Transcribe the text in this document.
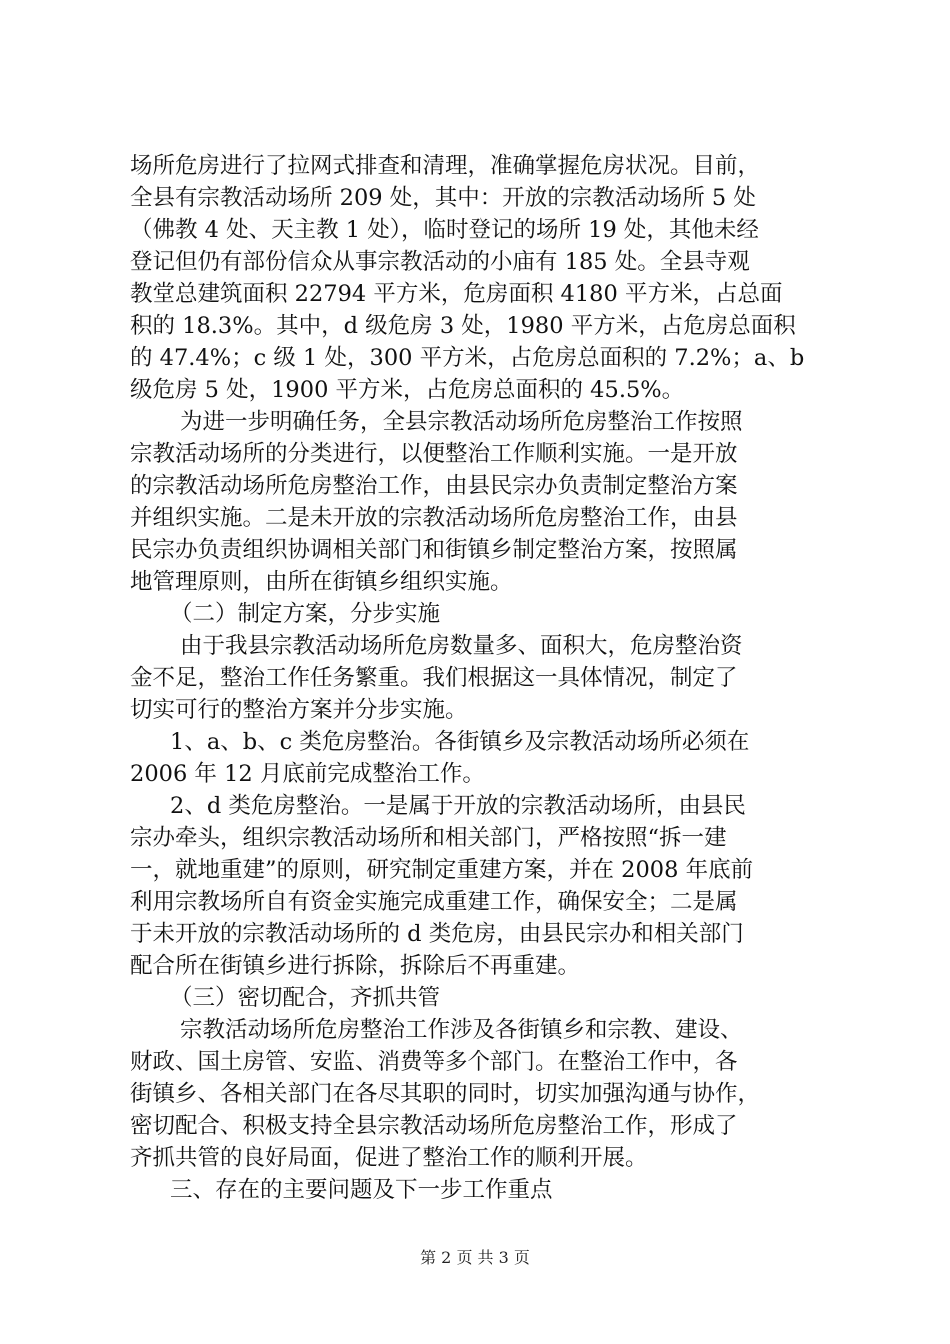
场所危房进行了拉网式排查和清理，准确掌握危房状况。目前，
全县有宗教活动场所 209 处，其中：开放的宗教活动场所 5 处
（佛教 4 处、天主教 1 处），临时登记的场所 19 处，其他未经
登记但仍有部份信众从事宗教活动的小庙有 185 处。全县寺观
教堂总建筑面积 22794 平方米，危房面积 4180 平方米，占总面
积的 18.3%。其中，d 级危房 3 处，1980 平方米，占危房总面积
的 47.4%；c 级 1 处，300 平方米，占危房总面积的 7.2%；a、b
级危房 5 处，1900 平方米，占危房总面积的 45.5%。
为进一步明确任务，全县宗教活动场所危房整治工作按照
宗教活动场所的分类进行，以便整治工作顺利实施。一是开放
的宗教活动场所危房整治工作，由县民宗办负责制定整治方案
并组织实施。二是未开放的宗教活动场所危房整治工作，由县
民宗办负责组织协调相关部门和街镇乡制定整治方案，按照属
地管理原则，由所在街镇乡组织实施。
（二）制定方案，分步实施
由于我县宗教活动场所危房数量多、面积大，危房整治资
金不足，整治工作任务繁重。我们根据这一具体情况，制定了
切实可行的整治方案并分步实施。
1、a、b、c 类危房整治。各街镇乡及宗教活动场所必须在
2006 年 12 月底前完成整治工作。
2、d 类危房整治。一是属于开放的宗教活动场所，由县民
宗办牵头，组织宗教活动场所和相关部门，严格按照“拆一建
一，就地重建”的原则，研究制定重建方案，并在 2008 年底前
利用宗教场所自有资金实施完成重建工作，确保安全；二是属
于未开放的宗教活动场所的 d 类危房，由县民宗办和相关部门
配合所在街镇乡进行拆除，拆除后不再重建。
（三）密切配合，齐抓共管
宗教活动场所危房整治工作涉及各街镇乡和宗教、建设、
财政、国土房管、安监、消费等多个部门。在整治工作中，各
街镇乡、各相关部门在各尽其职的同时，切实加强沟通与协作，
密切配合、积极支持全县宗教活动场所危房整治工作，形成了
齐抓共管的良好局面，促进了整治工作的顺利开展。
三、存在的主要问题及下一步工作重点
第 2 页 共 3 页
